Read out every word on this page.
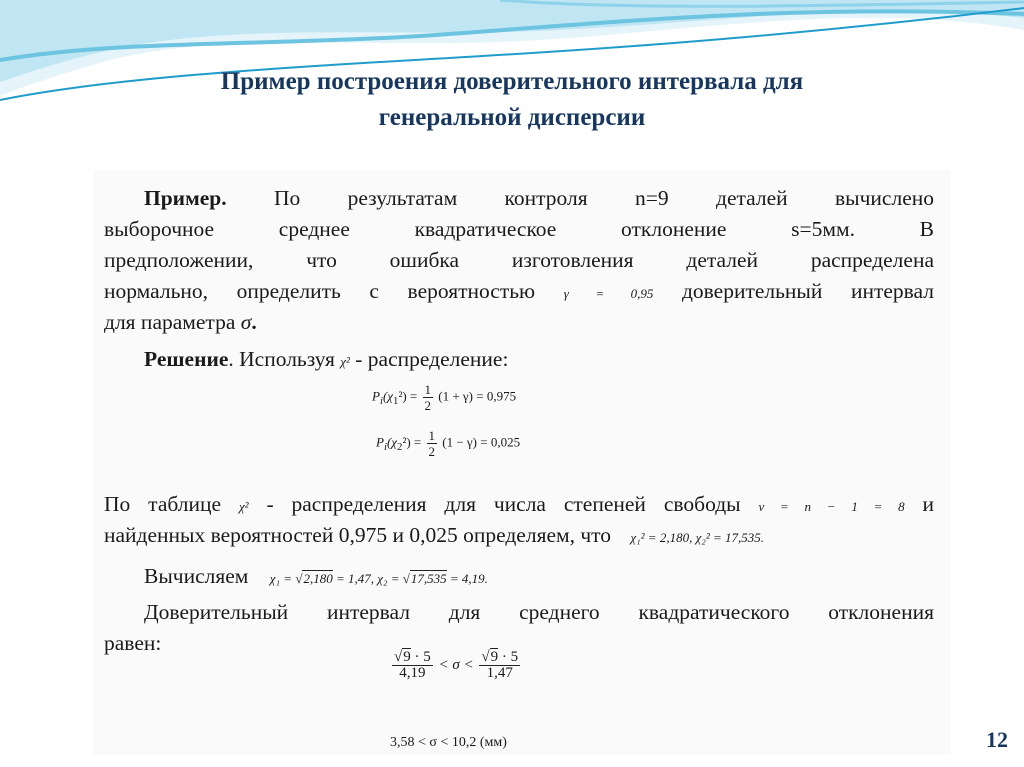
Пример построения доверительного интервала для
генеральной дисперсии
Пример. По результатам контроля n=9 деталей вычислено
выборочное среднее квадратическое отклонение s=5мм. В
предположении, что ошибка изготовления деталей распределена
нормально, определить с вероятностью γ = 0,95 доверительный интервал
для параметра σ.
Решение. Используя χ² - распределение:
$P_i(\chi_1^2) = \frac{1}{2} (1 + \gamma) = 0,975$
$P_i(\chi_2^2) = \frac{1}{2} (1 - \gamma) = 0,025$
По таблице χ² - распределения для числа степеней свободы ν = n − 1 = 8 и
найденных вероятностей 0,975 и 0,025 определяем, что χ₁² = 2,180, χ₂² = 17,535.
Вычисляем χ₁ = √2,180 = 1,47, χ₂ = √17,535 = 4,19.
Доверительный интервал для среднего квадратического отклонения
равен:
$\frac{√9 \cdot 5}{4,19} < \sigma < \frac{√9 \cdot 5}{1,47}$
3,58 < σ < 10,2 (мм)	12
